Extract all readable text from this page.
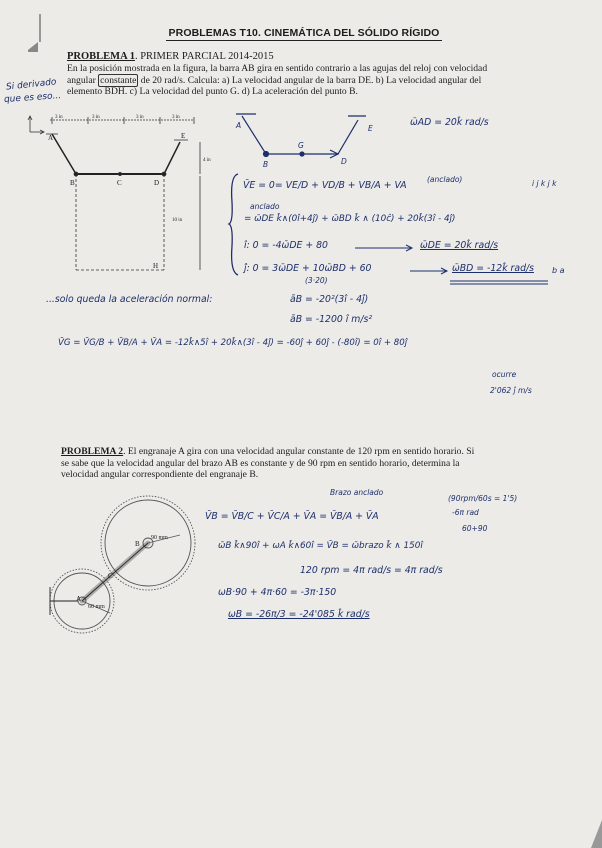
PROBLEMAS T10. CINEMÁTICA DEL SÓLIDO RÍGIDO
PROBLEMA 1. PRIMER PARCIAL 2014-2015
En la posición mostrada en la figura, la barra AB gira en sentido contrario a las agujas del reloj con velocidad
angular constante de 20 rad/s. Calcula: a) La velocidad angular de la barra DE. b) La velocidad angular del
elemento BDH. c) La velocidad del punto G. d) La aceleración del punto B.
Si derivado
que es eso...
A
B	C	D
E
H
3 in	3 in	3 in	3 in
4 in
10 in
A
B
G
D
E
ω̄AD = 20k̂ rad/s
i j k j k
V̄E = 0= VE/D + VD/B + VB/A + VA
(anclado)
anclado
= ω̄DE k̂∧(0î+4ĵ) + ω̄BD k̂ ∧ (10ĉ) + 20k̂(3î - 4ĵ)
î: 0 = -4ω̄DE + 80	ω̄DE = 20k̂ rad/s
ĵ: 0 = 3ω̄DE + 10ω̄BD + 60
(3·20)
ω̄BD = -12k̂ rad/s b a
...solo queda la aceleración normal:	āB = -20²(3î - 4ĵ)
āB = -1200 î m/s²
V̄G = V̄G/B + V̄B/A + V̄A = -12k̂∧5î + 20k̂∧(3î - 4ĵ) = -60ĵ + 60ĵ - (-80î) = 0î + 80ĵ
ocurre
2'062 ĵ m/s
PROBLEMA 2. El engranaje A gira con una velocidad angular constante de 120 rpm en sentido horario. Si
se sabe que la velocidad angular del brazo AB es constante y de 90 rpm en sentido horario, determina la
velocidad angular correspondiente del engranaje B.
90 mm
60 mm
B
C
A
Brazo anclado
(90rpm/60s = 1'5)
V̄B = V̄B/C + V̄C/A + V̄A = V̄B/A + V̄A	-6π rad
60+90
ω̄B k̂∧90î + ωA k̂∧60î = V̄B = ω̄brazo k̂ ∧ 150î
120 rpm = 4π rad/s = 4π rad/s
ωB·90 + 4π·60 = -3π·150
ωB = -26π/3 = -24'085 k̂ rad/s
